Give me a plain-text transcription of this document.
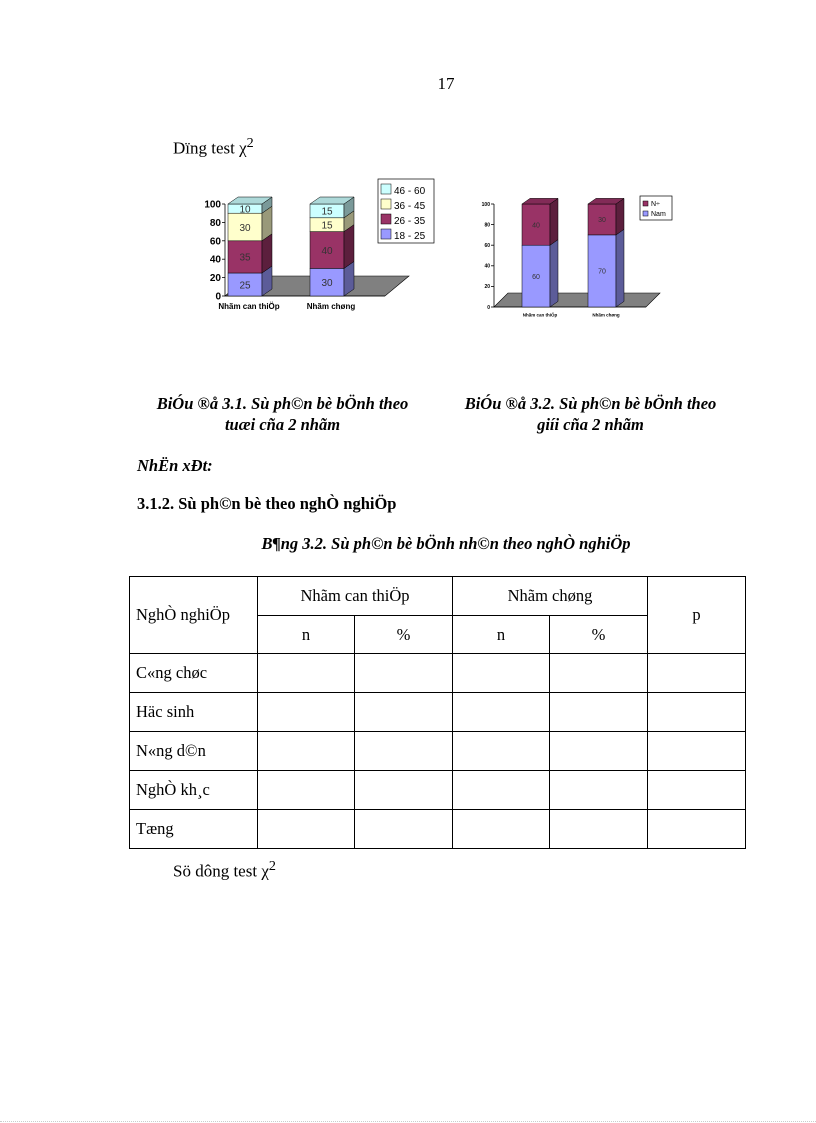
17
Dïng test $\chi^2$
0
20
40
60
80
100
25
35
30
10
Nhãm can thiÖp
30
40
15
15
Nhãm chøng
46 - 60
36 - 45
26 - 35
18 - 25
0
20
40
60
80
100
60
40
Nhãm can thiÖp
70
30
Nhãm chøng
N÷
Nam
BiÓu ®å 3.1. Sù ph©n bè bÖnh theo
tuæi cña 2 nhãm
BiÓu ®å 3.2. Sù ph©n bè bÖnh theo
giíi cña 2 nhãm
NhËn xÐt:
3.1.2. Sù ph©n bè theo nghÒ nghiÖp
B¶ng 3.2. Sù ph©n bè bÖnh nh©n theo nghÒ nghiÖp
NghÒ nghiÖp	Nhãm can thiÖp		Nhãm chøng		p
	n	%	n	%	
C«ng chøc					
Häc sinh					
N«ng d©n					
NghÒ kh¸c					
Tæng					
Sö dông test $\chi^2$
